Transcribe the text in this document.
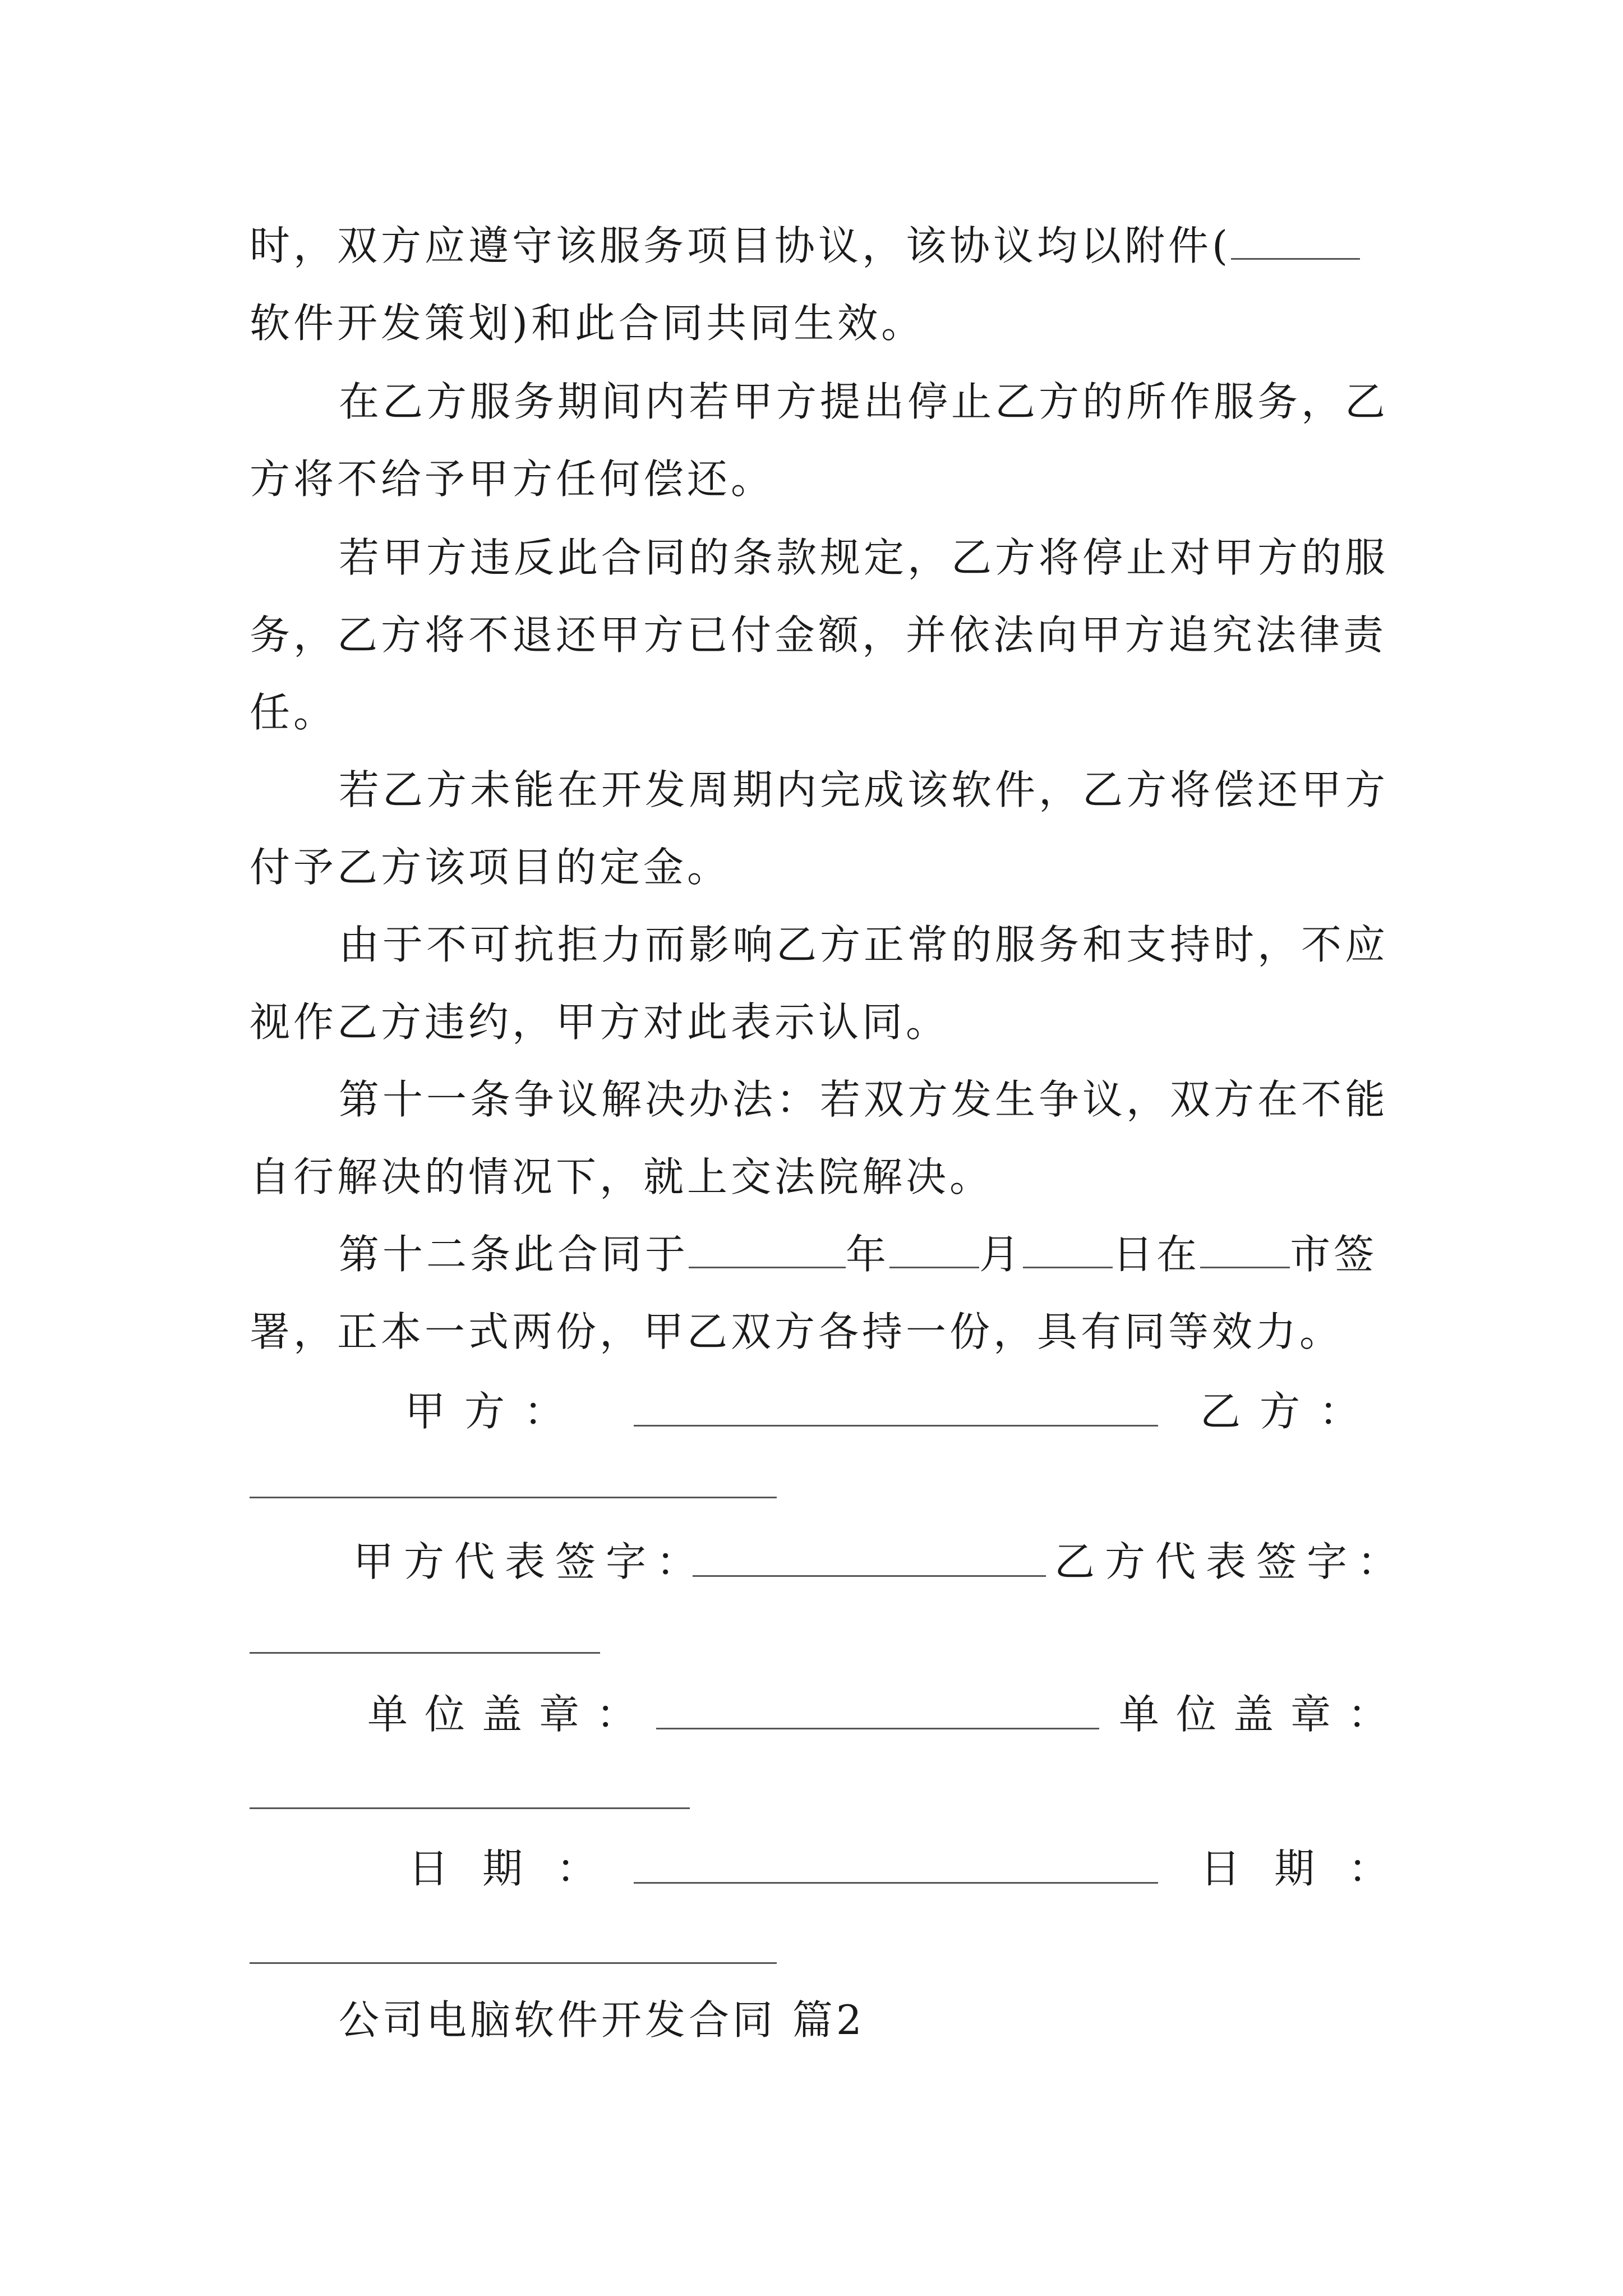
时，双方应遵守该服务项目协议，该协议均以附件(
软件开发策划)和此合同共同生效。
在乙方服务期间内若甲方提出停止乙方的所作服务，乙
方将不给予甲方任何偿还。
若甲方违反此合同的条款规定，乙方将停止对甲方的服
务，乙方将不退还甲方已付金额，并依法向甲方追究法律责
任。
若乙方未能在开发周期内完成该软件，乙方将偿还甲方
付予乙方该项目的定金。
由于不可抗拒力而影响乙方正常的服务和支持时，不应
视作乙方违约，甲方对此表示认同。
第十一条争议解决办法：若双方发生争议，双方在不能
自行解决的情况下，就上交法院解决。
第十二条此合同于	年 月 日在 市签
署，正本一式两份，甲乙双方各持一份，具有同等效力。
甲方：	乙方：
甲方代表签字：	乙方代表签字：
单位盖章：	单位盖章：
日期：	日期：
公司电脑软件开发合同 篇2
